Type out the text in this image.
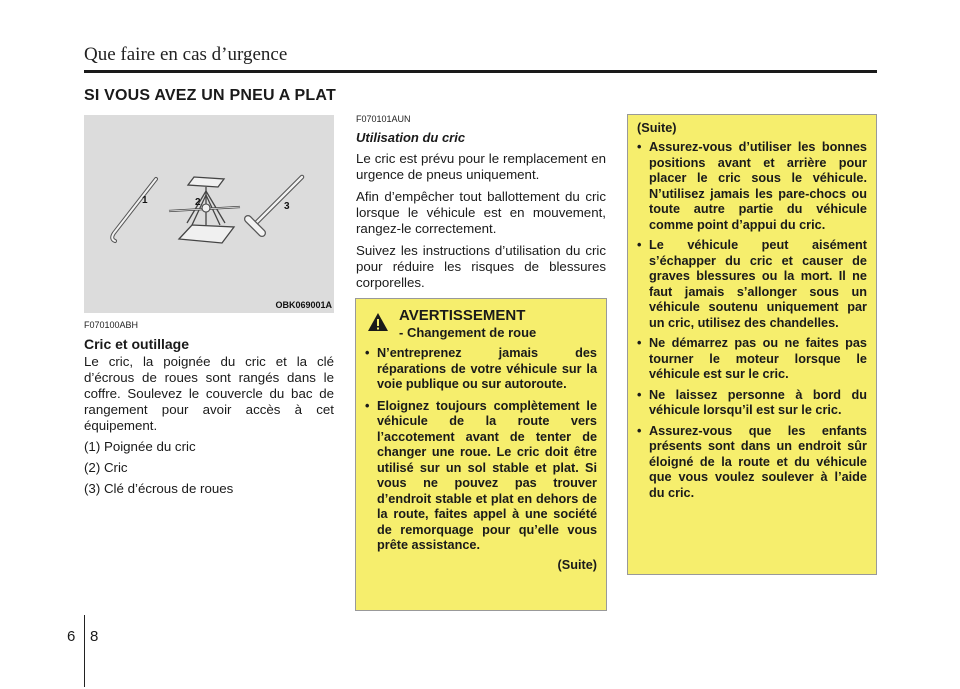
Que faire en cas d’urgence
SI VOUS AVEZ UN PNEU A PLAT
1	2	3
OBK069001A
F070100ABH
Cric et outillage
Le cric, la poignée du cric et la clé d’écrous de roues sont rangés dans le coffre. Soulevez le couvercle du bac de rangement pour avoir accès à cet équipement.
(1) Poignée du cric
(2) Cric
(3) Clé d’écrous de roues
F070101AUN
Utilisation du cric
Le cric est prévu pour le remplacement en urgence de pneus uniquement.
Afin d’empêcher tout ballottement du cric lorsque le véhicule est en mouvement, rangez-le correctement.
Suivez les instructions d’utilisation du cric pour réduire les risques de blessures corporelles.
AVERTISSEMENT
- Changement de roue
• N’entreprenez jamais des réparations de votre véhicule sur la voie publique ou sur autoroute.
• Eloignez toujours complètement le véhicule de la route vers l’accotement avant de tenter de changer une roue. Le cric doit être utilisé sur un sol stable et plat. Si vous ne pouvez pas trouver d’endroit stable et plat en dehors de la route, faites appel à une société de remorquage pour qu’elle vous prête assistance.
(Suite)
(Suite)
• Assurez-vous d’utiliser les bonnes positions avant et arrière pour placer le cric sous le véhicule. N’utilisez jamais les pare-chocs ou toute autre partie du véhicule comme point d’appui du cric.
• Le véhicule peut aisément s’échapper du cric et causer de graves blessures ou la mort. Il ne faut jamais s’allonger sous un véhicule soutenu uniquement par un cric, utilisez des chandelles.
• Ne démarrez pas ou ne faites pas tourner le moteur lorsque le véhicule est sur le cric.
• Ne laissez personne à bord du véhicule lorsqu’il est sur le cric.
• Assurez-vous que les enfants présents sont dans un endroit sûr éloigné de la route et du véhicule que vous voulez soulever à l’aide du cric.
6 8
